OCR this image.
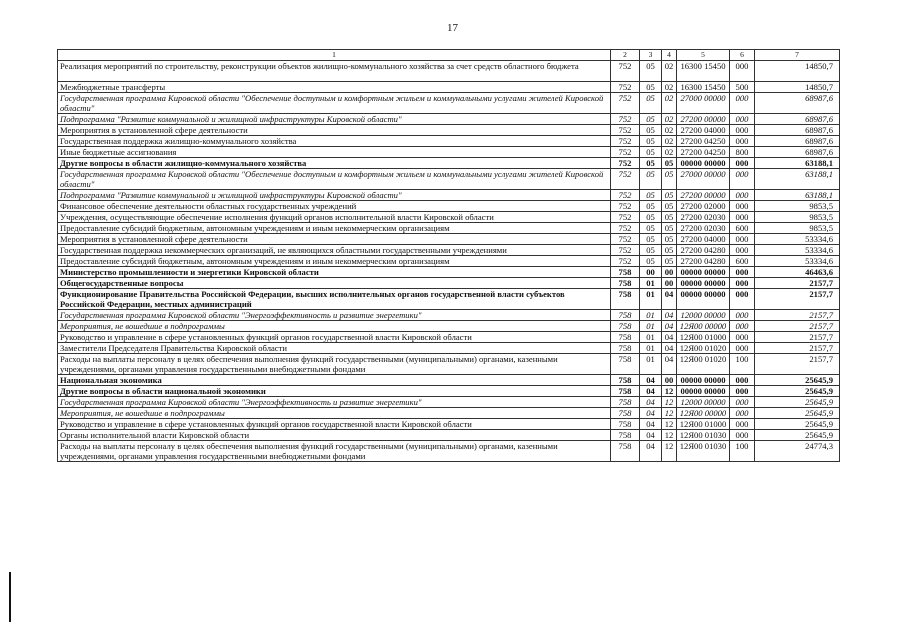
17
1	2	3	4	5	6	7
Реализация мероприятий по строительству, реконструкции объектов жилищно-коммунального хозяйства за счет средств областного бюджета	752	05	02	16300 15450	000	14850,7
Межбюджетные трансферты	752	05	02	16300 15450	500	14850,7
Государственная программа Кировской области "Обеспечение доступным и комфортным жильем и коммунальными услугами жителей Кировской области"	752	05	02	27000 00000	000	68987,6
Подпрограмма "Развитие коммунальной и жилищной инфраструктуры Кировской области"	752	05	02	27200 00000	000	68987,6
Мероприятия в установленной сфере деятельности	752	05	02	27200 04000	000	68987,6
Государственная поддержка жилищно-коммунального хозяйства	752	05	02	27200 04250	000	68987,6
Иные бюджетные ассигнования	752	05	02	27200 04250	800	68987,6
Другие вопросы в области жилищно-коммунального хозяйства	752	05	05	00000 00000	000	63188,1
Государственная программа Кировской области "Обеспечение доступным и комфортным жильем и коммунальными услугами жителей Кировской области"	752	05	05	27000 00000	000	63188,1
Подпрограмма "Развитие коммунальной и жилищной инфраструктуры Кировской области"	752	05	05	27200 00000	000	63188,1
Финансовое обеспечение деятельности областных государственных учреждений	752	05	05	27200 02000	000	9853,5
Учреждения, осуществляющие обеспечение исполнения функций органов исполнительной власти Кировской области	752	05	05	27200 02030	000	9853,5
Предоставление субсидий бюджетным, автономным учреждениям и иным некоммерческим организациям	752	05	05	27200 02030	600	9853,5
Мероприятия в установленной сфере деятельности	752	05	05	27200 04000	000	53334,6
Государственная поддержка некоммерческих организаций, не являющихся областными государственными учреждениями	752	05	05	27200 04280	000	53334,6
Предоставление субсидий бюджетным, автономным учреждениям и иным некоммерческим организациям	752	05	05	27200 04280	600	53334,6
Министерство промышленности и энергетики Кировской области	758	00	00	00000 00000	000	46463,6
Общегосударственные вопросы	758	01	00	00000 00000	000	2157,7
Функционирование Правительства Российской Федерации, высших исполнительных органов государственной власти субъектов Российской Федерации, местных администраций	758	01	04	00000 00000	000	2157,7
Государственная программа Кировской области "Энергоэффективность и развитие энергетики"	758	01	04	12000 00000	000	2157,7
Мероприятия, не вошедшие в подпрограммы	758	01	04	12Я00 00000	000	2157,7
Руководство и управление в сфере установленных функций органов государственной власти Кировской области	758	01	04	12Я00 01000	000	2157,7
Заместители Председателя Правительства Кировской области	758	01	04	12Я00 01020	000	2157,7
Расходы на выплаты персоналу в целях обеспечения выполнения функций государственными (муниципальными) органами, казенными учреждениями, органами управления государственными внебюджетными фондами	758	01	04	12Я00 01020	100	2157,7
Национальная экономика	758	04	00	00000 00000	000	25645,9
Другие вопросы в области национальной экономики	758	04	12	00000 00000	000	25645,9
Государственная программа Кировской области "Энергоэффективность и развитие энергетики"	758	04	12	12000 00000	000	25645,9
Мероприятия, не вошедшие в подпрограммы	758	04	12	12Я00 00000	000	25645,9
Руководство и управление в сфере установленных функций органов государственной власти Кировской области	758	04	12	12Я00 01000	000	25645,9
Органы исполнительной власти Кировской области	758	04	12	12Я00 01030	000	25645,9
Расходы на выплаты персоналу в целях обеспечения выполнения функций государственными (муниципальными) органами, казенными учреждениями, органами управления государственными внебюджетными фондами	758	04	12	12Я00 01030	100	24774,3
